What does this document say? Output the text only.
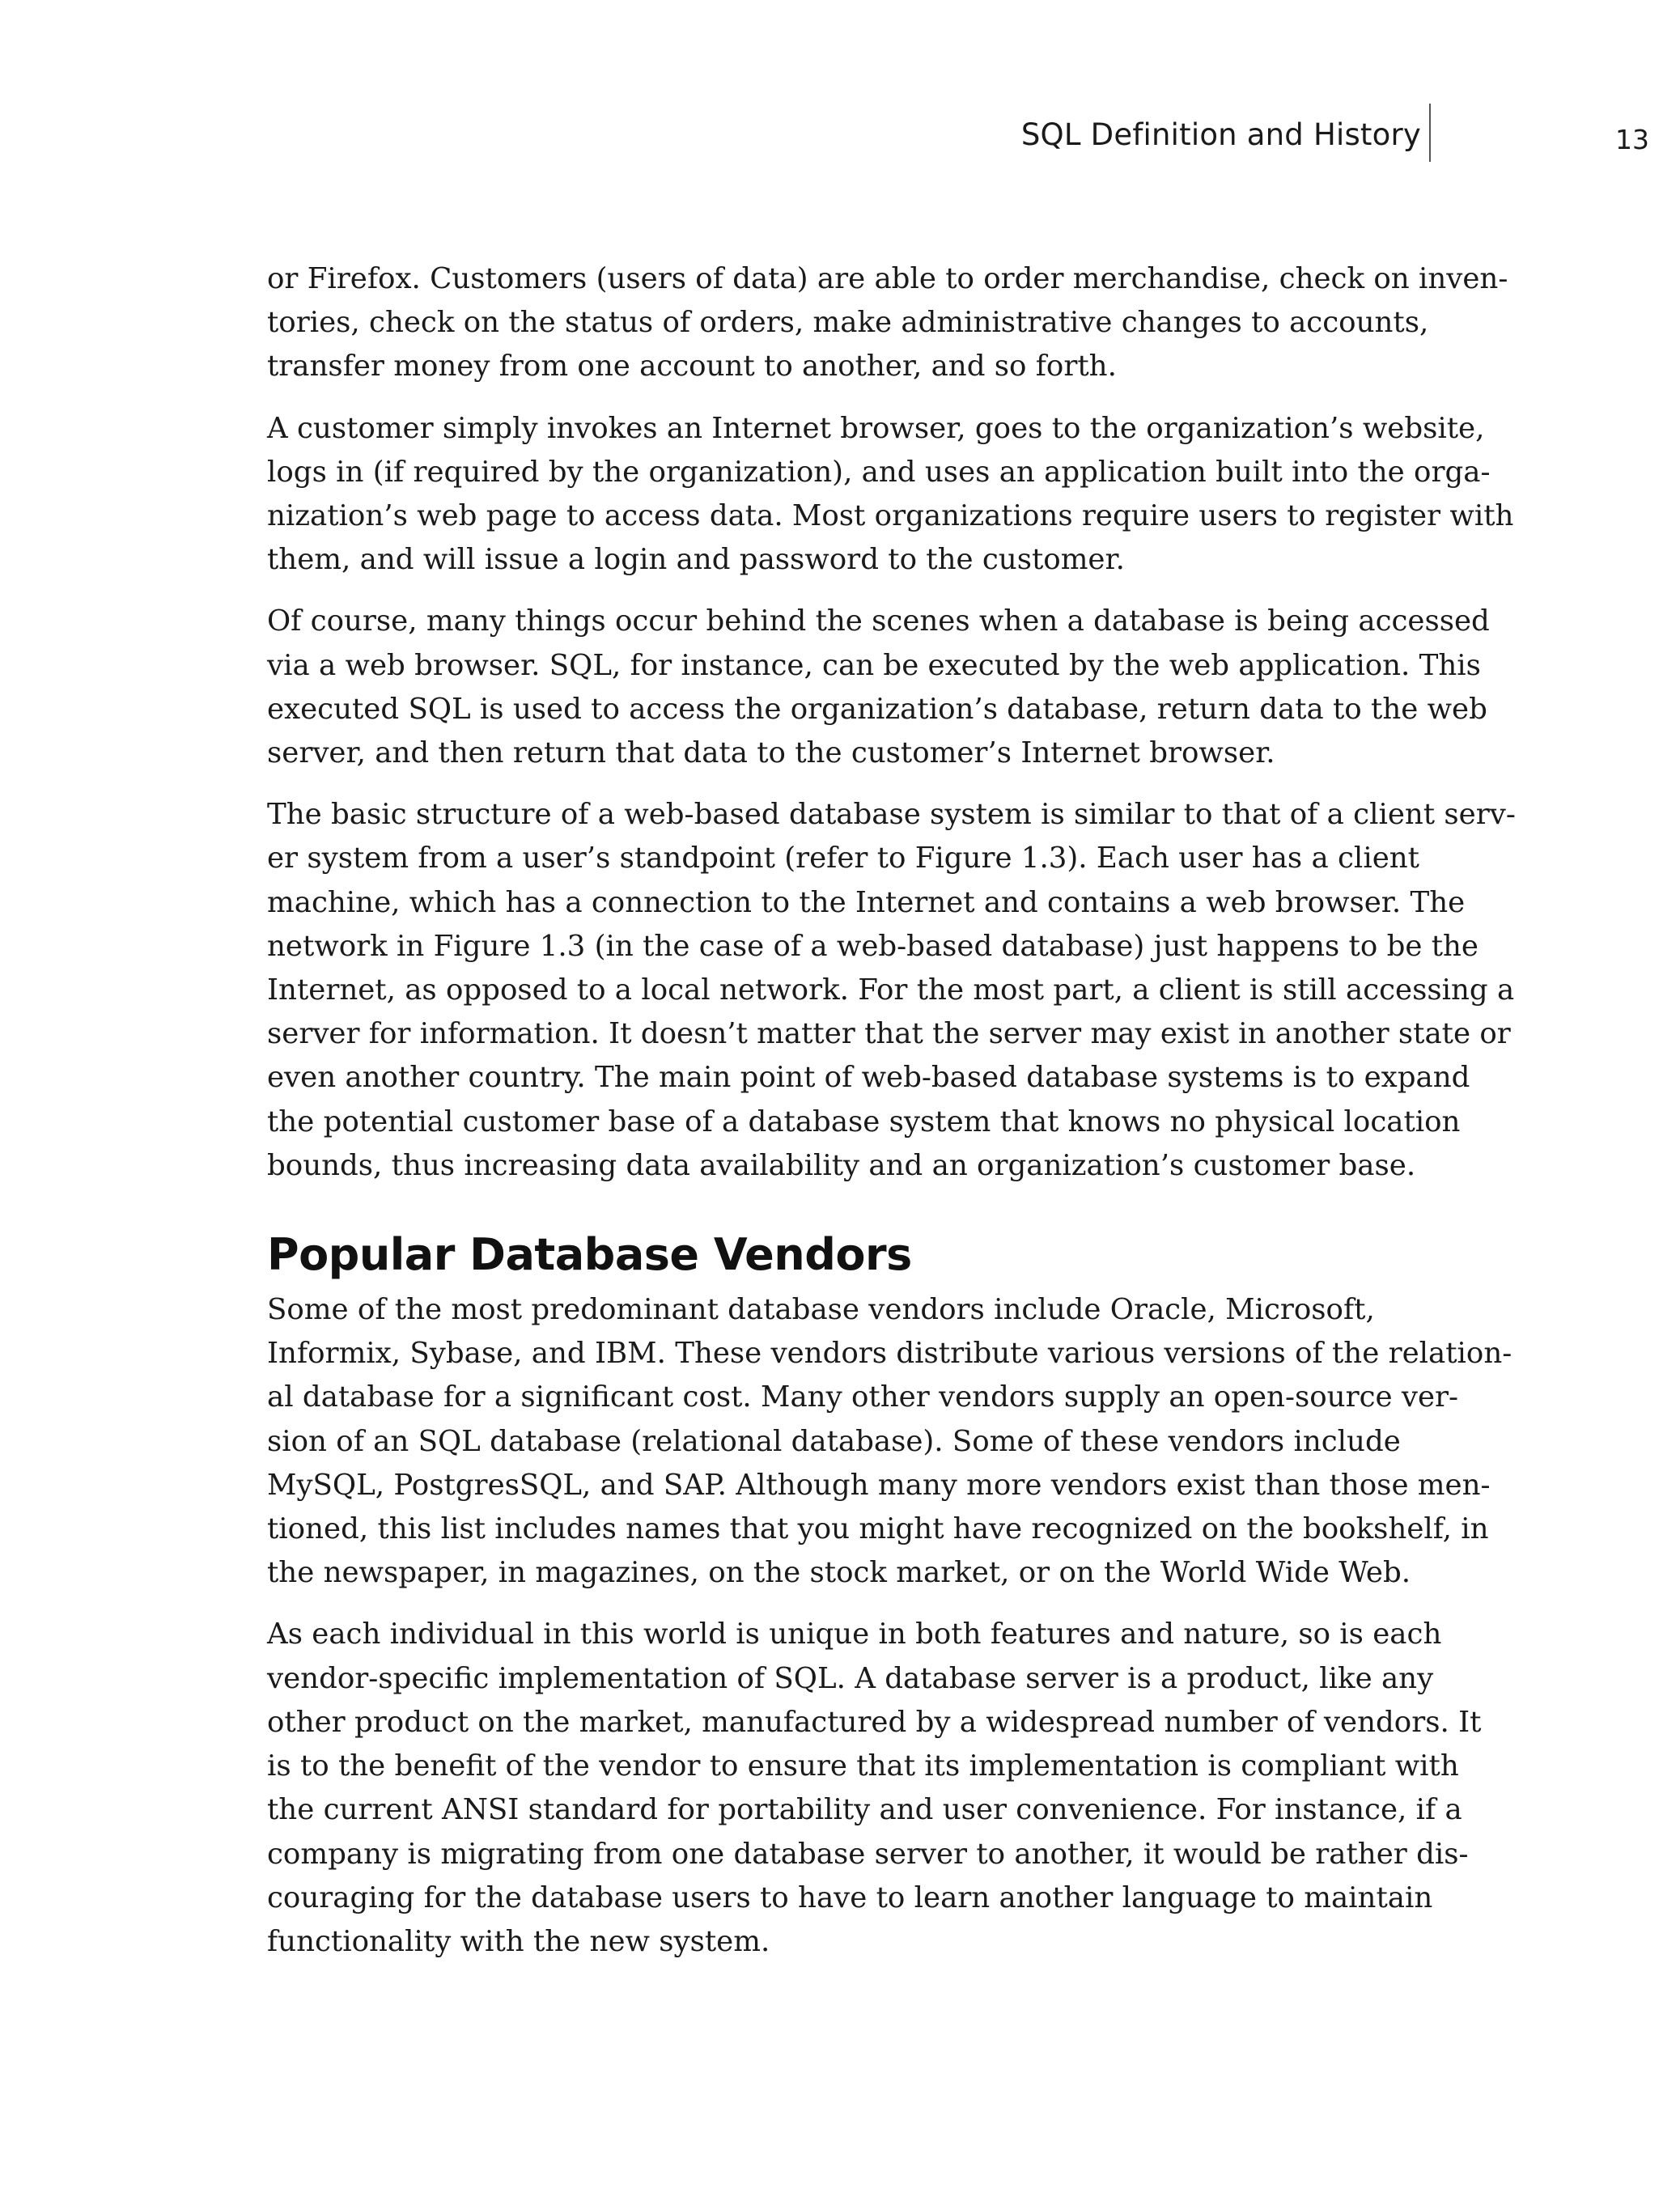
SQL Definition and History	13

or Firefox. Customers (users of data) are able to order merchandise, check on inven-
tories, check on the status of orders, make administrative changes to accounts,
transfer money from one account to another, and so forth.

A customer simply invokes an Internet browser, goes to the organization’s website,
logs in (if required by the organization), and uses an application built into the orga-
nization’s web page to access data. Most organizations require users to register with
them, and will issue a login and password to the customer.

Of course, many things occur behind the scenes when a database is being accessed
via a web browser. SQL, for instance, can be executed by the web application. This
executed SQL is used to access the organization’s database, return data to the web
server, and then return that data to the customer’s Internet browser.

The basic structure of a web-based database system is similar to that of a client serv-
er system from a user’s standpoint (refer to Figure 1.3). Each user has a client
machine, which has a connection to the Internet and contains a web browser. The
network in Figure 1.3 (in the case of a web-based database) just happens to be the
Internet, as opposed to a local network. For the most part, a client is still accessing a
server for information. It doesn’t matter that the server may exist in another state or
even another country. The main point of web-based database systems is to expand
the potential customer base of a database system that knows no physical location
bounds, thus increasing data availability and an organization’s customer base.

Popular Database Vendors

Some of the most predominant database vendors include Oracle, Microsoft,
Informix, Sybase, and IBM. These vendors distribute various versions of the relation-
al database for a significant cost. Many other vendors supply an open-source ver-
sion of an SQL database (relational database). Some of these vendors include
MySQL, PostgresSQL, and SAP. Although many more vendors exist than those men-
tioned, this list includes names that you might have recognized on the bookshelf, in
the newspaper, in magazines, on the stock market, or on the World Wide Web.

As each individual in this world is unique in both features and nature, so is each
vendor-specific implementation of SQL. A database server is a product, like any
other product on the market, manufactured by a widespread number of vendors. It
is to the benefit of the vendor to ensure that its implementation is compliant with
the current ANSI standard for portability and user convenience. For instance, if a
company is migrating from one database server to another, it would be rather dis-
couraging for the database users to have to learn another language to maintain
functionality with the new system.
